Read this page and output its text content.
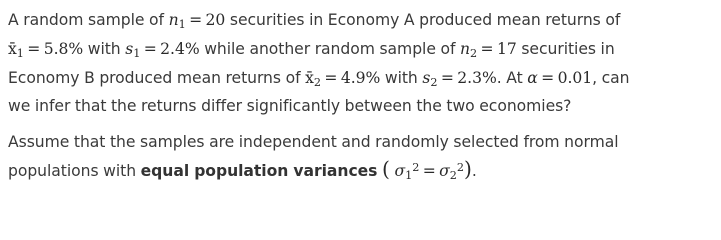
A random sample of $n_1 = 20$ securities in Economy A produced mean returns of
$x̄_1 = 5.8\%$ with $s_1 = 2.4\%$ while another random sample of $n_2 = 17$ securities in
Economy B produced mean returns of $x̄_2 = 4.9\%$ with $s_2 = 2.3\%$. At α = 0.01, can
we infer that the returns differ significantly between the two economies?

Assume that the samples are independent and randomly selected from normal
populations with equal population variances ( $\sigma_1^2 = \sigma_2^2$).
